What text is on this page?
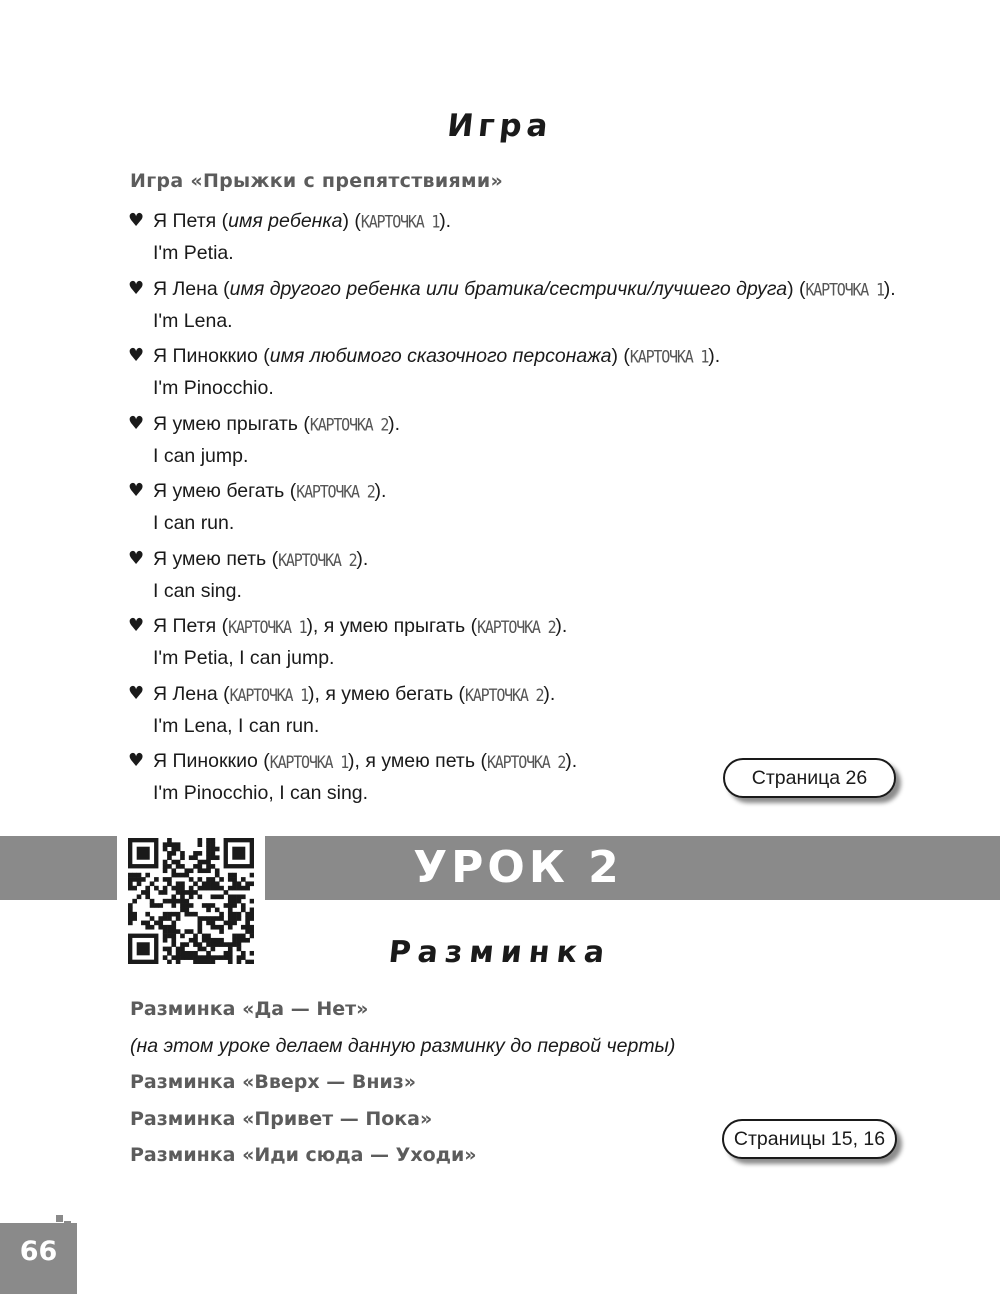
Игра
Игра «Прыжки с препятствиями»
♥ Я Петя (имя ребенка) (КАРТОЧКА 1).
I'm Petia.
♥ Я Лена (имя другого ребенка или братика/сестрички/лучшего друга) (КАРТОЧКА 1).
I'm Lena.
♥ Я Пиноккио (имя любимого сказочного персонажа) (КАРТОЧКА 1).
I'm Pinocchio.
♥ Я умею прыгать (КАРТОЧКА 2).
I can jump.
♥ Я умею бегать (КАРТОЧКА 2).
I can run.
♥ Я умею петь (КАРТОЧКА 2).
I can sing.
♥ Я Петя (КАРТОЧКА 1), я умею прыгать (КАРТОЧКА 2).
I'm Petia, I can jump.
♥ Я Лена (КАРТОЧКА 1), я умею бегать (КАРТОЧКА 2).
I'm Lena, I can run.
♥ Я Пиноккио (КАРТОЧКА 1), я умею петь (КАРТОЧКА 2).
I'm Pinocchio, I can sing.
Страница 26
УРОК 2
Разминка
Разминка «Да — Нет»
(на этом уроке делаем данную разминку до первой черты)
Разминка «Вверх — Вниз»
Разминка «Привет — Пока»
Разминка «Иди сюда — Уходи»
Страницы 15, 16
66
